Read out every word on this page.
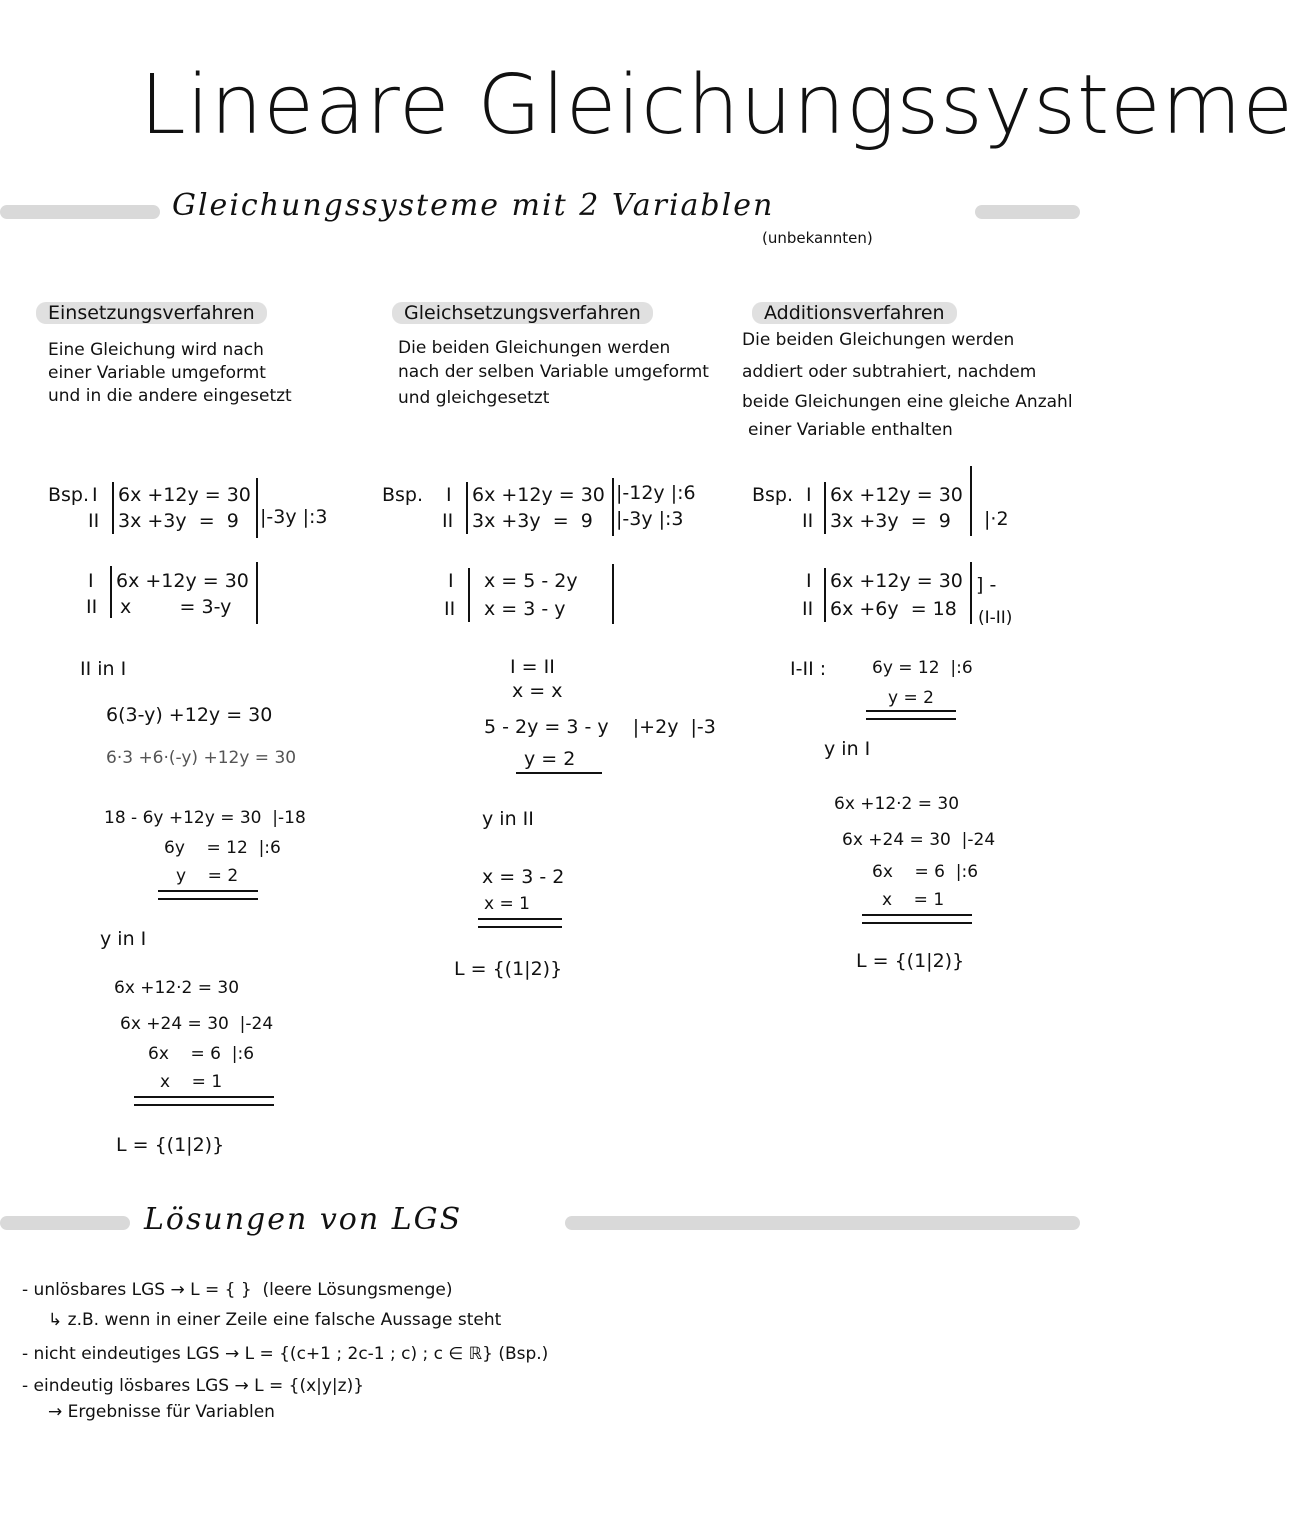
Lineare Gleichungssysteme
Gleichungssysteme mit 2 Variablen
(unbekannten)
Einsetzungsverfahren
Eine Gleichung wird nach
einer Variable umgeformt
und in die andere eingesetzt
Bsp. I
II
6x +12y = 30
3x +3y  =  9 |-3y |:3
I
II
6x +12y = 30
x        = 3-y
II in I
6(3-y) +12y = 30
6·3 +6·(-y) +12y = 30
18 - 6y +12y = 30  |-18
6y    = 12  |:6
y    = 2
y in I
6x +12·2 = 30
6x +24 = 30  |-24
6x    = 6  |:6
x    = 1
L = {(1|2)}
Gleichsetzungsverfahren
Die beiden Gleichungen werden
nach der selben Variable umgeformt
und gleichgesetzt
Bsp. I
II
6x +12y = 30
3x +3y  =  9
|-12y |:6
|-3y |:3
I
II
x = 5 - 2y
x = 3 - y
I = II
x = x
5 - 2y = 3 - y    |+2y  |-3
y = 2
y in II
x = 3 - 2
x = 1
L = {(1|2)}
Additionsverfahren
Die beiden Gleichungen werden
addiert oder subtrahiert, nachdem
beide Gleichungen eine gleiche Anzahl
einer Variable enthalten
Bsp. I
II
6x +12y = 30
3x +3y  =  9 |·2
I
II
6x +12y = 30
6x +6y  = 18
] -
(I-II)
I-II :	6y = 12  |:6
y = 2
y in I
6x +12·2 = 30
6x +24 = 30  |-24
6x    = 6  |:6
x    = 1
L = {(1|2)}
Lösungen von LGS
- unlösbares LGS → L = { }  (leere Lösungsmenge)
↳ z.B. wenn in einer Zeile eine falsche Aussage steht
- nicht eindeutiges LGS → L = {(c+1 ; 2c-1 ; c) ; c ∈ ℝ} (Bsp.)
- eindeutig lösbares LGS → L = {(x|y|z)}
→ Ergebnisse für Variablen
